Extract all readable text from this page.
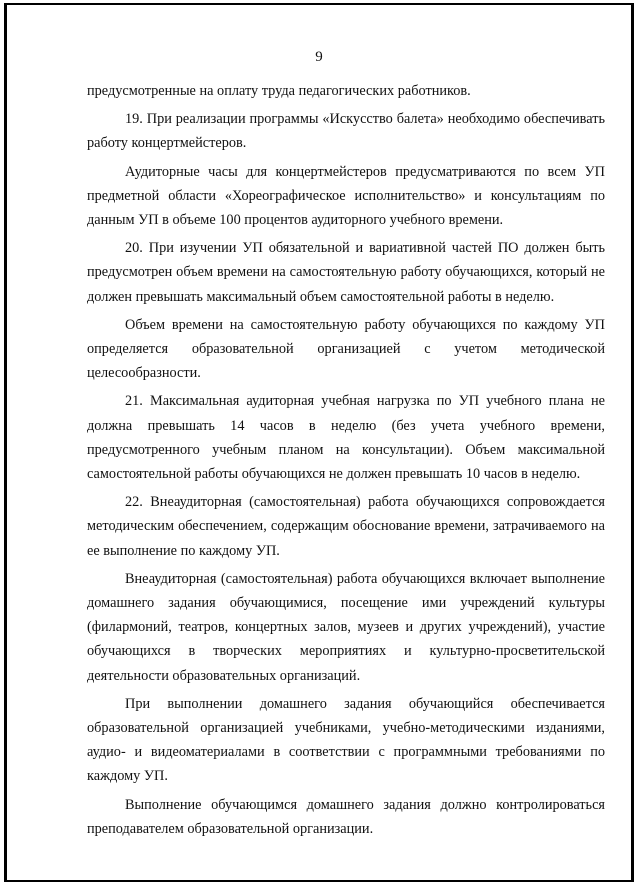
9

предусмотренные на оплату труда педагогических работников.

19. При реализации программы «Искусство балета» необходимо обеспечивать работу концертмейстеров.

Аудиторные часы для концертмейстеров предусматриваются по всем УП предметной области «Хореографическое исполнительство» и консультациям по данным УП в объеме 100 процентов аудиторного учебного времени.

20. При изучении УП обязательной и вариативной частей ПО должен быть предусмотрен объем времени на самостоятельную работу обучающихся, который не должен превышать максимальный объем самостоятельной работы в неделю.

Объем времени на самостоятельную работу обучающихся по каждому УП определяется образовательной организацией с учетом методической целесообразности.

21. Максимальная аудиторная учебная нагрузка по УП учебного плана не должна превышать 14 часов в неделю (без учета учебного времени, предусмотренного учебным планом на консультации). Объем максимальной самостоятельной работы обучающихся не должен превышать 10 часов в неделю.

22. Внеаудиторная (самостоятельная) работа обучающихся сопровождается методическим обеспечением, содержащим обоснование времени, затрачиваемого на ее выполнение по каждому УП.

Внеаудиторная (самостоятельная) работа обучающихся включает выполнение домашнего задания обучающимися, посещение ими учреждений культуры (филармоний, театров, концертных залов, музеев и других учреждений), участие обучающихся в творческих мероприятиях и культурно-просветительской деятельности образовательных организаций.

При выполнении домашнего задания обучающийся обеспечивается образовательной организацией учебниками, учебно-методическими изданиями, аудио- и видеоматериалами в соответствии с программными требованиями по каждому УП.

Выполнение обучающимся домашнего задания должно контролироваться преподавателем образовательной организации.
